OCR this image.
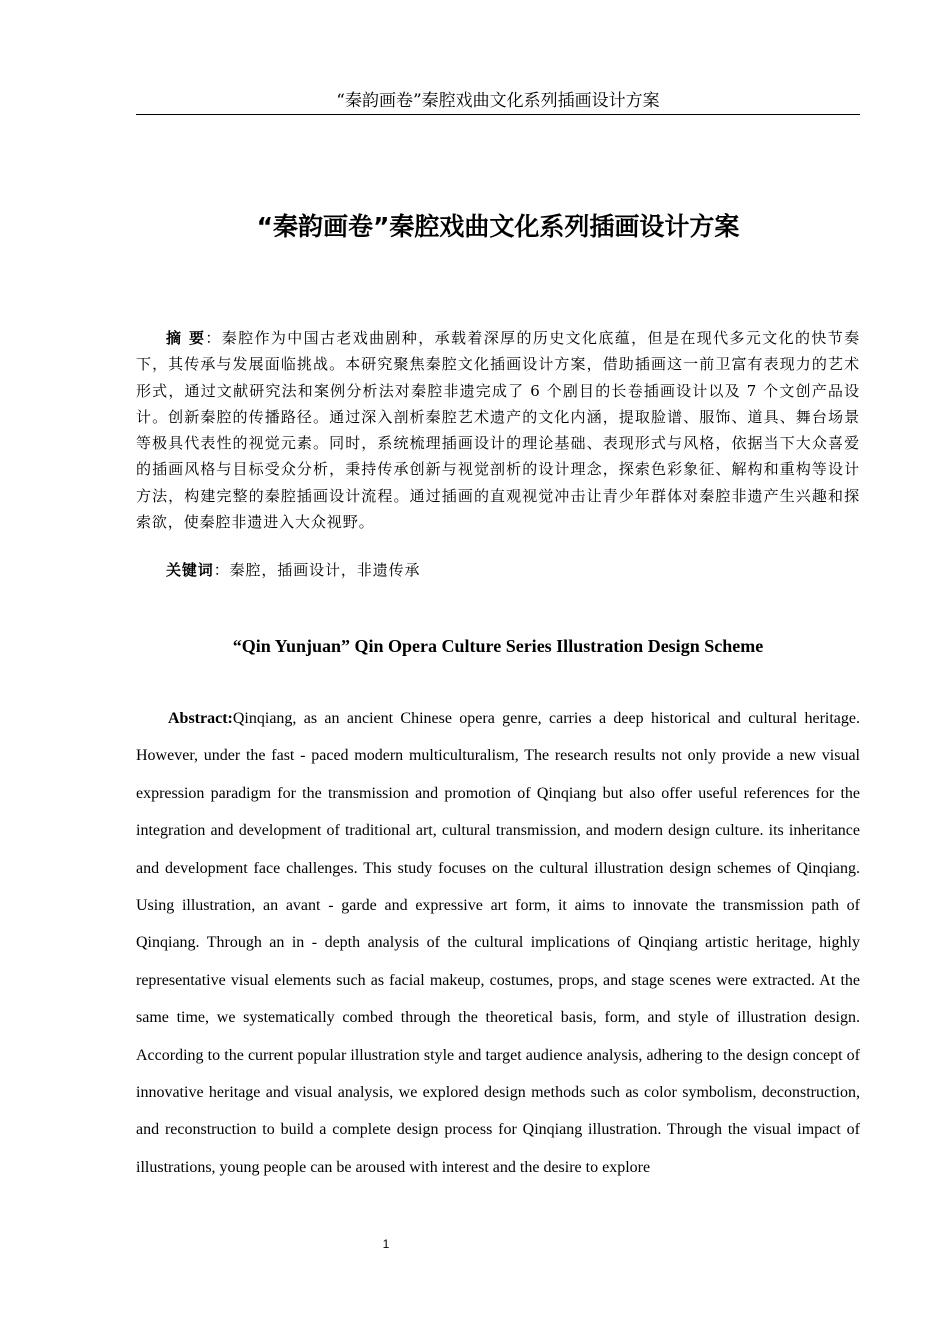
“秦韵画卷”秦腔戏曲文化系列插画设计方案
“秦韵画卷”秦腔戏曲文化系列插画设计方案

摘 要：秦腔作为中国古老戏曲剧种，承载着深厚的历史文化底蕴，但是在现代多元文化的快节奏下，其传承与发展面临挑战。本研究聚焦秦腔文化插画设计方案，借助插画这一前卫富有表现力的艺术形式，通过文献研究法和案例分析法对秦腔非遗完成了 6 个剧目的长卷插画设计以及 7 个文创产品设计。创新秦腔的传播路径。通过深入剖析秦腔艺术遗产的文化内涵，提取脸谱、服饰、道具、舞台场景等极具代表性的视觉元素。同时，系统梳理插画设计的理论基础、表现形式与风格，依据当下大众喜爱的插画风格与目标受众分析，秉持传承创新与视觉剖析的设计理念，探索色彩象征、解构和重构等设计方法，构建完整的秦腔插画设计流程。通过插画的直观视觉冲击让青少年群体对秦腔非遗产生兴趣和探索欲，使秦腔非遗进入大众视野。

关键词：秦腔，插画设计，非遗传承

“Qin Yunjuan” Qin Opera Culture Series Illustration Design Scheme

Abstract:Qinqiang, as an ancient Chinese opera genre, carries a deep historical and cultural heritage. However, under the fast - paced modern multiculturalism, The research results not only provide a new visual expression paradigm for the transmission and promotion of Qinqiang but also offer useful references for the integration and development of traditional art, cultural transmission, and modern design culture. its inheritance and development face challenges. This study focuses on the cultural illustration design schemes of Qinqiang. Using illustration, an avant - garde and expressive art form, it aims to innovate the transmission path of Qinqiang. Through an in - depth analysis of the cultural implications of Qinqiang artistic heritage, highly representative visual elements such as facial makeup, costumes, props, and stage scenes were extracted. At the same time, we systematically combed through the theoretical basis, form, and style of illustration design. According to the current popular illustration style and target audience analysis, adhering to the design concept of innovative heritage and visual analysis, we explored design methods such as color symbolism, deconstruction, and reconstruction to build a complete design process for Qinqiang illustration. Through the visual impact of illustrations, young people can be aroused with interest and the desire to explore

1
